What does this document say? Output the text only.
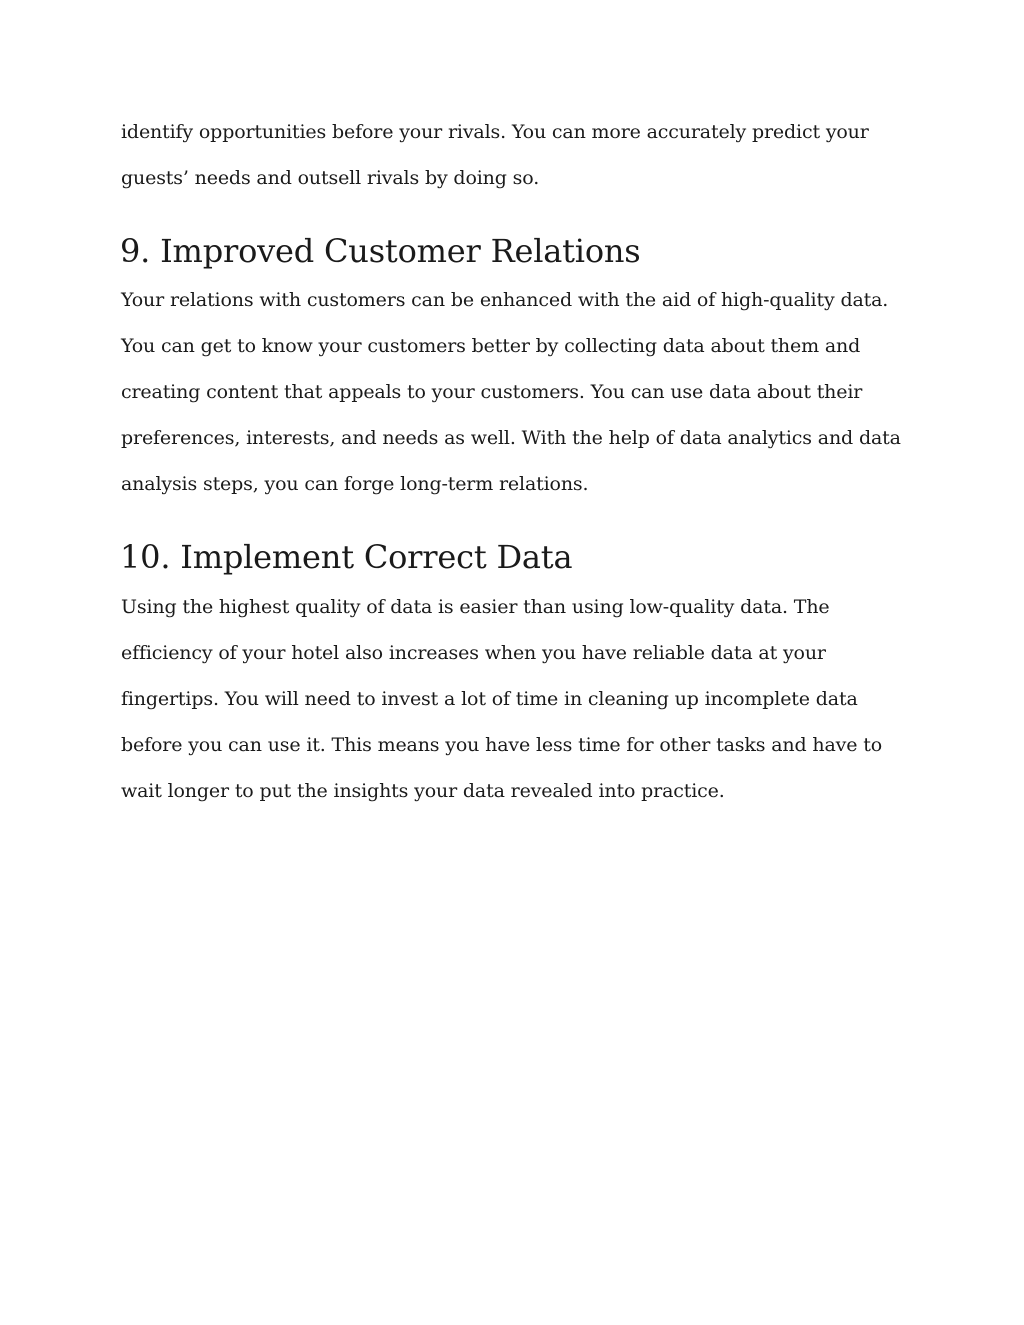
identify opportunities before your rivals. You can more accurately predict your
guests’ needs and outsell rivals by doing so.
9. Improved Customer Relations
Your relations with customers can be enhanced with the aid of high-quality data.
You can get to know your customers better by collecting data about them and
creating content that appeals to your customers. You can use data about their
preferences, interests, and needs as well. With the help of data analytics and data
analysis steps, you can forge long-term relations.
10. Implement Correct Data
Using the highest quality of data is easier than using low-quality data. The
efficiency of your hotel also increases when you have reliable data at your
fingertips. You will need to invest a lot of time in cleaning up incomplete data
before you can use it. This means you have less time for other tasks and have to
wait longer to put the insights your data revealed into practice.
